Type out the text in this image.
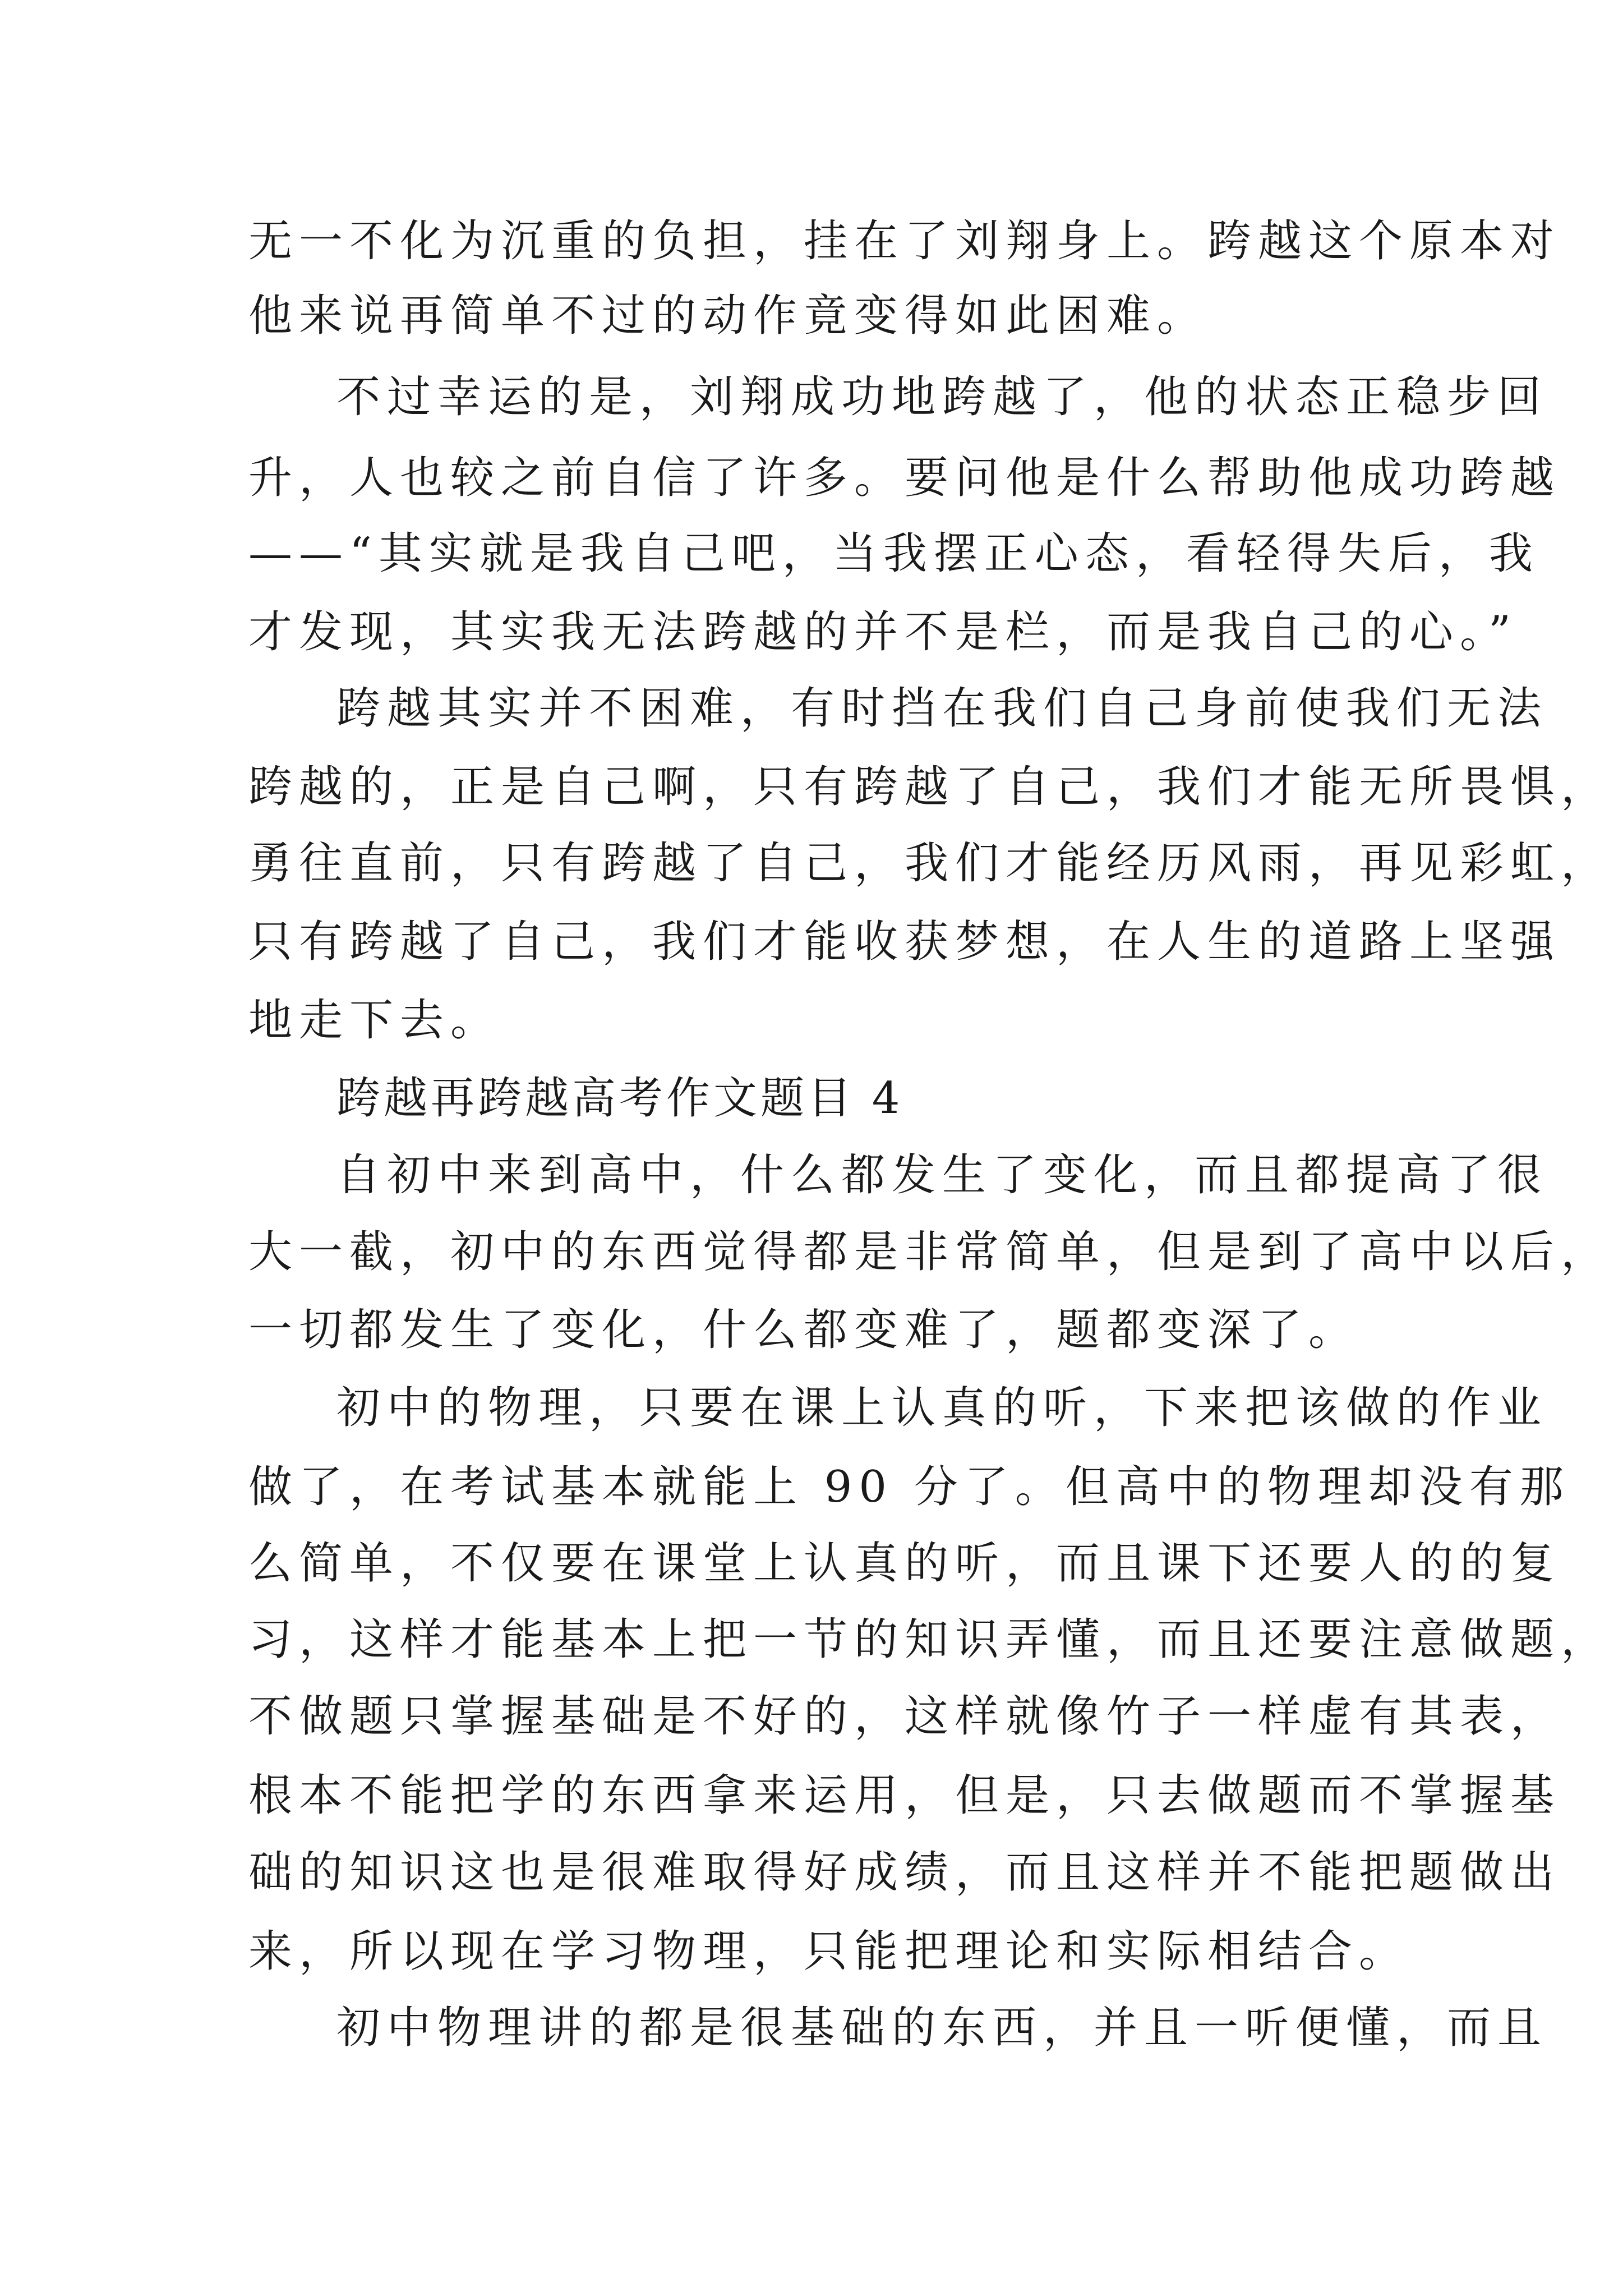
无一不化为沉重的负担，挂在了刘翔身上。跨越这个原本对

他来说再简单不过的动作竟变得如此困难。

不过幸运的是，刘翔成功地跨越了，他的状态正稳步回

升，人也较之前自信了许多。要问他是什么帮助他成功跨越

——“其实就是我自己吧，当我摆正心态，看轻得失后，我

才发现，其实我无法跨越的并不是栏，而是我自己的心。”

跨越其实并不困难，有时挡在我们自己身前使我们无法

跨越的，正是自己啊，只有跨越了自己，我们才能无所畏惧，

勇往直前，只有跨越了自己，我们才能经历风雨，再见彩虹，

只有跨越了自己，我们才能收获梦想，在人生的道路上坚强

地走下去。

跨越再跨越高考作文题目 4

自初中来到高中，什么都发生了变化，而且都提高了很

大一截，初中的东西觉得都是非常简单，但是到了高中以后，

一切都发生了变化，什么都变难了，题都变深了。

初中的物理，只要在课上认真的听，下来把该做的作业

做了，在考试基本就能上 90 分了。但高中的物理却没有那

么简单，不仅要在课堂上认真的听，而且课下还要人的的复

习，这样才能基本上把一节的知识弄懂，而且还要注意做题，

不做题只掌握基础是不好的，这样就像竹子一样虚有其表，

根本不能把学的东西拿来运用，但是，只去做题而不掌握基

础的知识这也是很难取得好成绩，而且这样并不能把题做出

来，所以现在学习物理，只能把理论和实际相结合。

初中物理讲的都是很基础的东西，并且一听便懂，而且
